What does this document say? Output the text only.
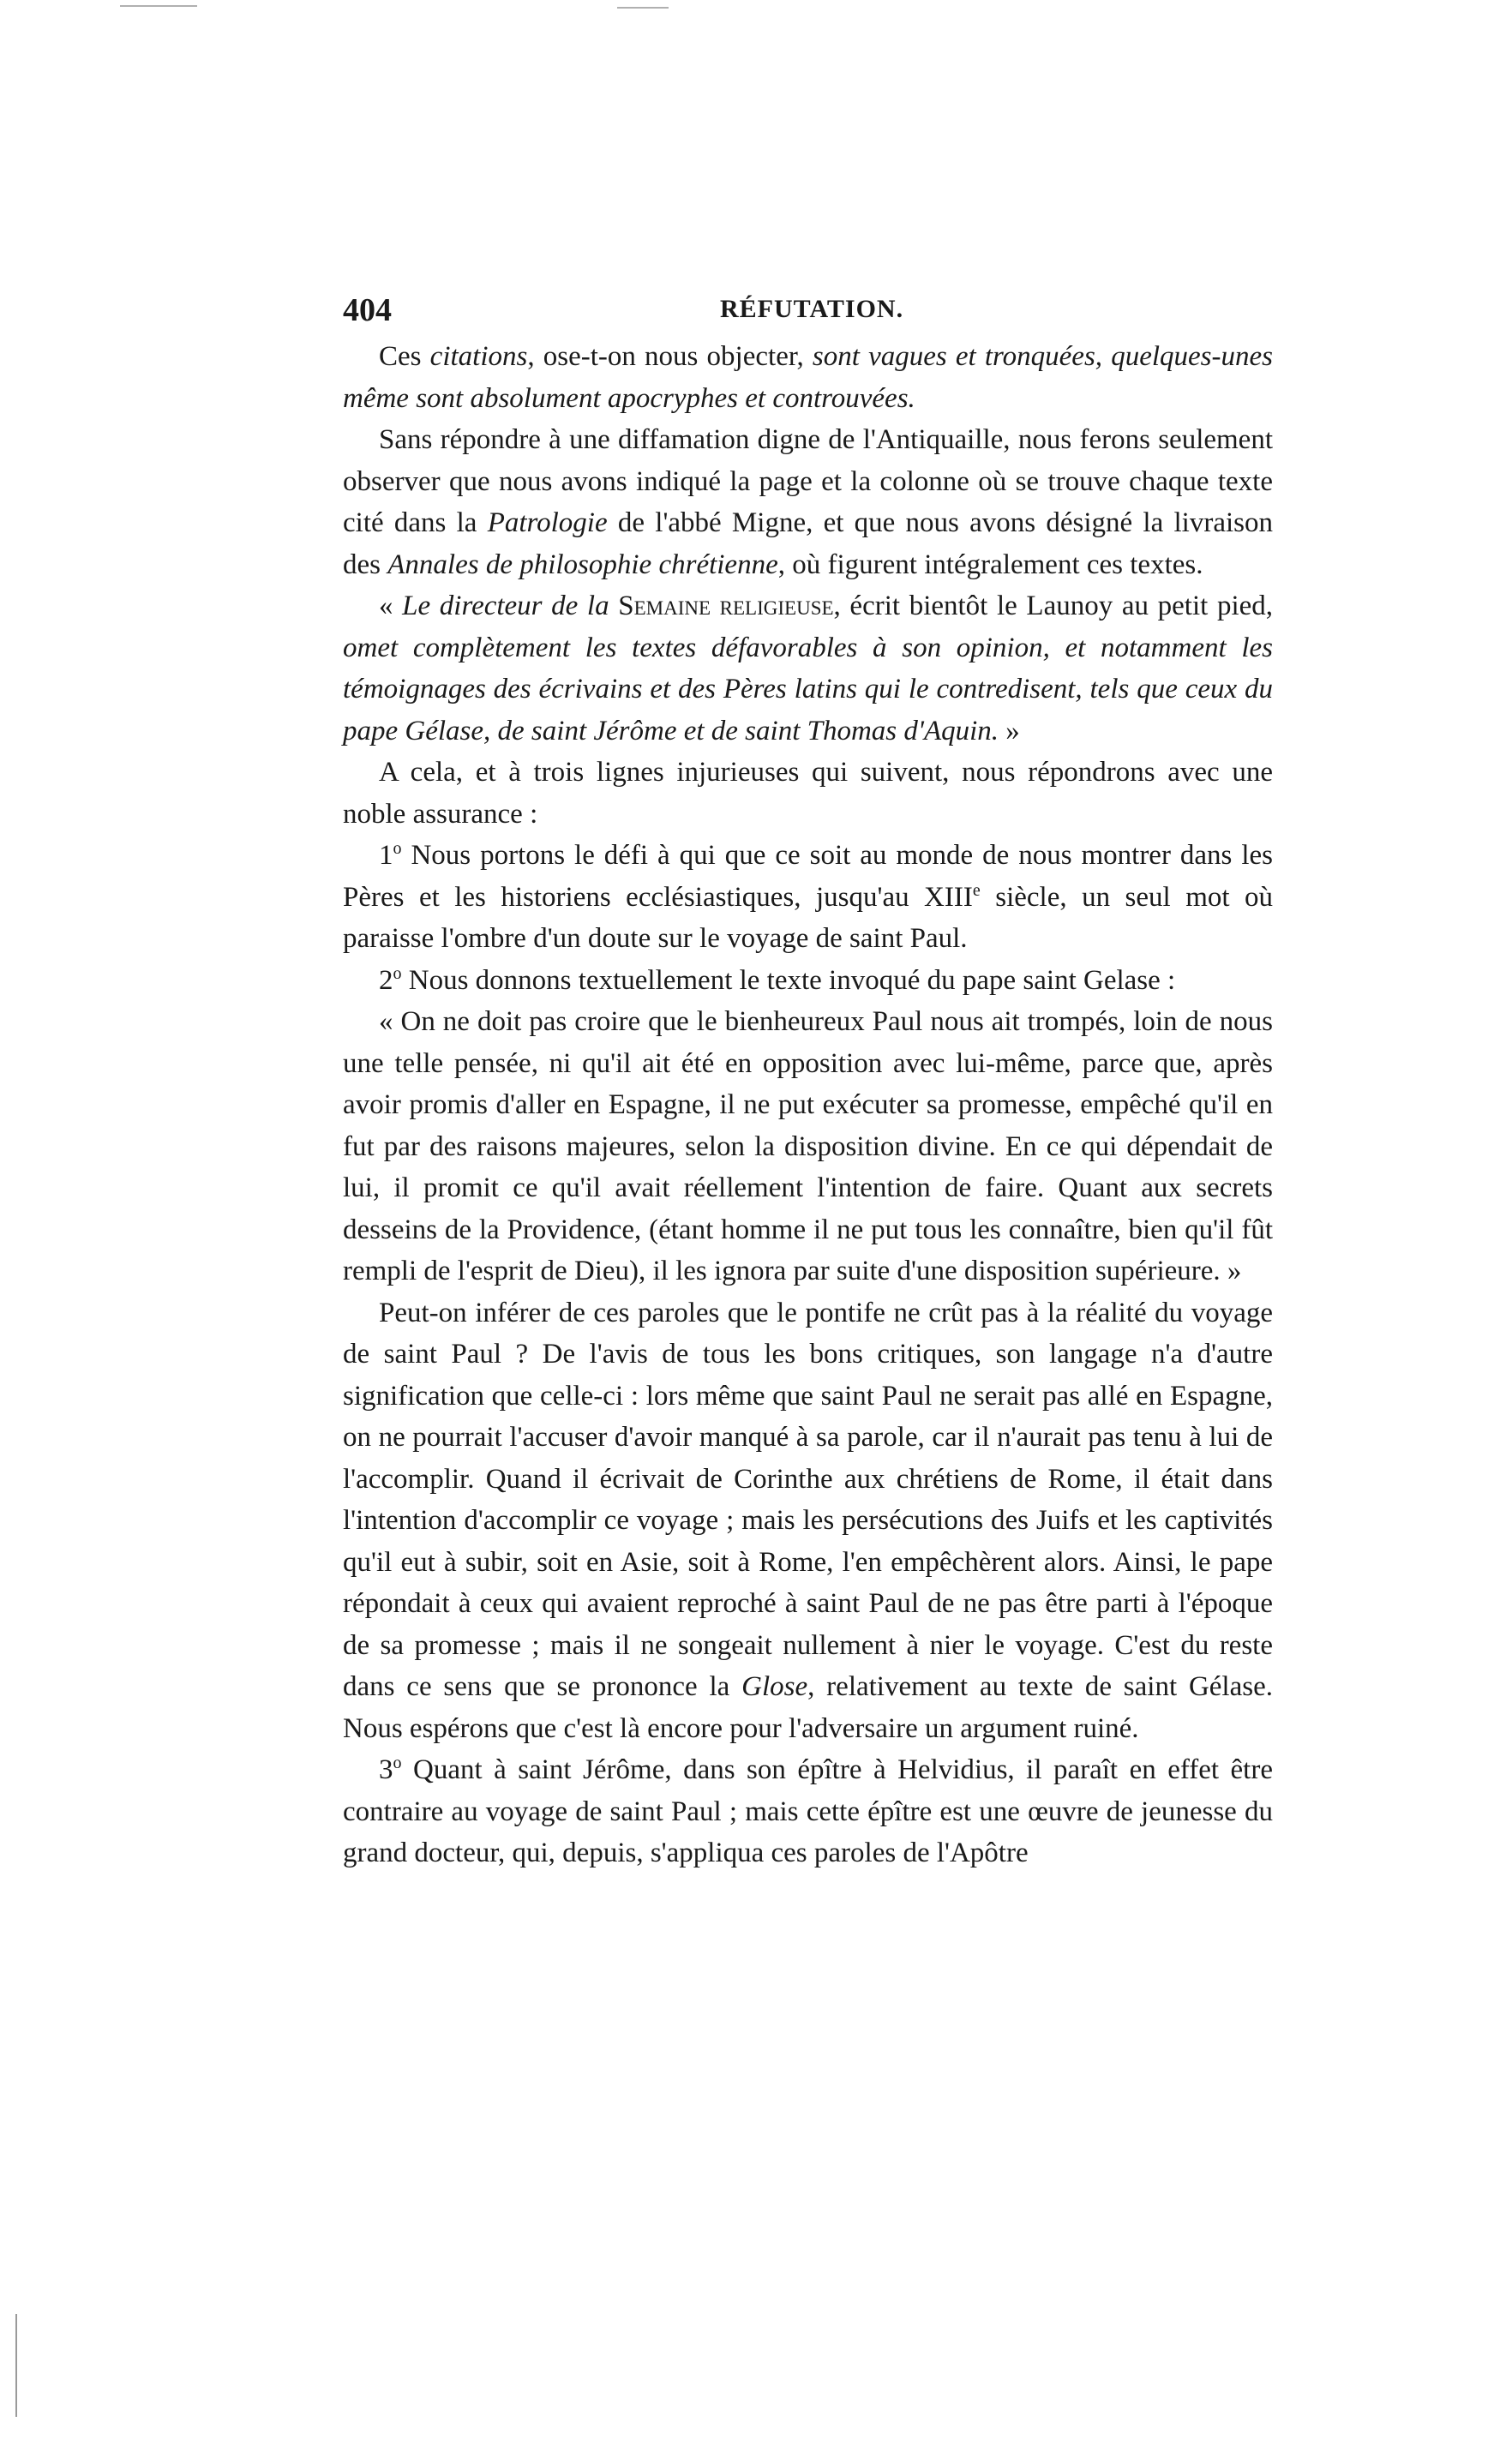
404	RÉFUTATION.

Ces citations, ose-t-on nous objecter, sont vagues et tronquées, quelques-unes même sont absolument apocryphes et controuvées.

Sans répondre à une diffamation digne de l'Antiquaille, nous ferons seulement observer que nous avons indiqué la page et la colonne où se trouve chaque texte cité dans la Patrologie de l'abbé Migne, et que nous avons désigné la livraison des Annales de philosophie chrétienne, où figurent intégralement ces textes.

« Le directeur de la Semaine religieuse, écrit bientôt le Launoy au petit pied, omet complètement les textes défavorables à son opinion, et notamment les témoignages des écrivains et des Pères latins qui le contredisent, tels que ceux du pape Gélase, de saint Jérôme et de saint Thomas d'Aquin. »

A cela, et à trois lignes injurieuses qui suivent, nous répondrons avec une noble assurance :

1$^o$ Nous portons le défi à qui que ce soit au monde de nous montrer dans les Pères et les historiens ecclésiastiques, jusqu'au XIIIe siècle, un seul mot où paraisse l'ombre d'un doute sur le voyage de saint Paul.

2$^o$ Nous donnons textuellement le texte invoqué du pape saint Gelase :

« On ne doit pas croire que le bienheureux Paul nous ait trompés, loin de nous une telle pensée, ni qu'il ait été en opposition avec lui-même, parce que, après avoir promis d'aller en Espagne, il ne put exécuter sa promesse, empêché qu'il en fut par des raisons majeures, selon la disposition divine. En ce qui dépendait de lui, il promit ce qu'il avait réellement l'intention de faire. Quant aux secrets desseins de la Providence, (étant homme il ne put tous les connaître, bien qu'il fût rempli de l'esprit de Dieu), il les ignora par suite d'une disposition supérieure. »

Peut-on inférer de ces paroles que le pontife ne crût pas à la réalité du voyage de saint Paul ? De l'avis de tous les bons critiques, son langage n'a d'autre signification que celle-ci : lors même que saint Paul ne serait pas allé en Espagne, on ne pourrait l'accuser d'avoir manqué à sa parole, car il n'aurait pas tenu à lui de l'accomplir. Quand il écrivait de Corinthe aux chrétiens de Rome, il était dans l'intention d'accomplir ce voyage ; mais les persécutions des Juifs et les captivités qu'il eut à subir, soit en Asie, soit à Rome, l'en empêchèrent alors. Ainsi, le pape répondait à ceux qui avaient reproché à saint Paul de ne pas être parti à l'époque de sa promesse ; mais il ne songeait nullement à nier le voyage. C'est du reste dans ce sens que se prononce la Glose, relativement au texte de saint Gélase. Nous espérons que c'est là encore pour l'adversaire un argument ruiné.

3$^o$ Quant à saint Jérôme, dans son épître à Helvidius, il paraît en effet être contraire au voyage de saint Paul ; mais cette épître est une œuvre de jeunesse du grand docteur, qui, depuis, s'appliqua ces paroles de l'Apôtre
